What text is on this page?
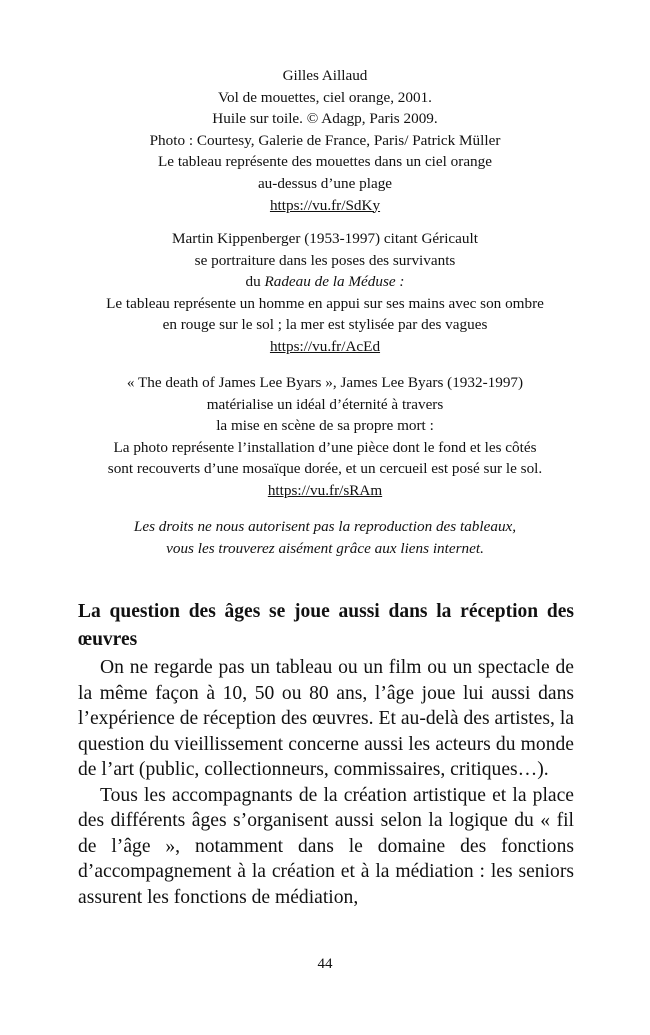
Gilles Aillaud
Vol de mouettes, ciel orange, 2001.
Huile sur toile. © Adagp, Paris 2009.
Photo : Courtesy, Galerie de France, Paris/ Patrick Müller
Le tableau représente des mouettes dans un ciel orange
au-dessus d’une plage
https://vu.fr/SdKy
Martin Kippenberger (1953-1997) citant Géricault
se portraiture dans les poses des survivants
du Radeau de la Méduse :
Le tableau représente un homme en appui sur ses mains avec son ombre
en rouge sur le sol ; la mer est stylisée par des vagues
https://vu.fr/AcEd
« The death of James Lee Byars », James Lee Byars (1932-1997)
matérialise un idéal d’éternité à travers
la mise en scène de sa propre mort :
La photo représente l’installation d’une pièce dont le fond et les côtés
sont recouverts d’une mosaïque dorée, et un cercueil est posé sur le sol.
https://vu.fr/sRAm
Les droits ne nous autorisent pas la reproduction des tableaux,
vous les trouverez aisément grâce aux liens internet.
La question des âges se joue aussi dans la réception des œuvres

On ne regarde pas un tableau ou un film ou un spectacle de la même façon à 10, 50 ou 80 ans, l’âge joue lui aussi dans l’expérience de réception des œuvres. Et au-delà des artistes, la question du vieillissement concerne aussi les acteurs du monde de l’art (public, collectionneurs, commissaires, critiques…).

Tous les accompagnants de la création artistique et la place des différents âges s’organisent aussi selon la logique du « fil de l’âge », notamment dans le domaine des fonctions d’accompagnement à la création et à la médiation : les seniors assurent les fonctions de médiation,

44
